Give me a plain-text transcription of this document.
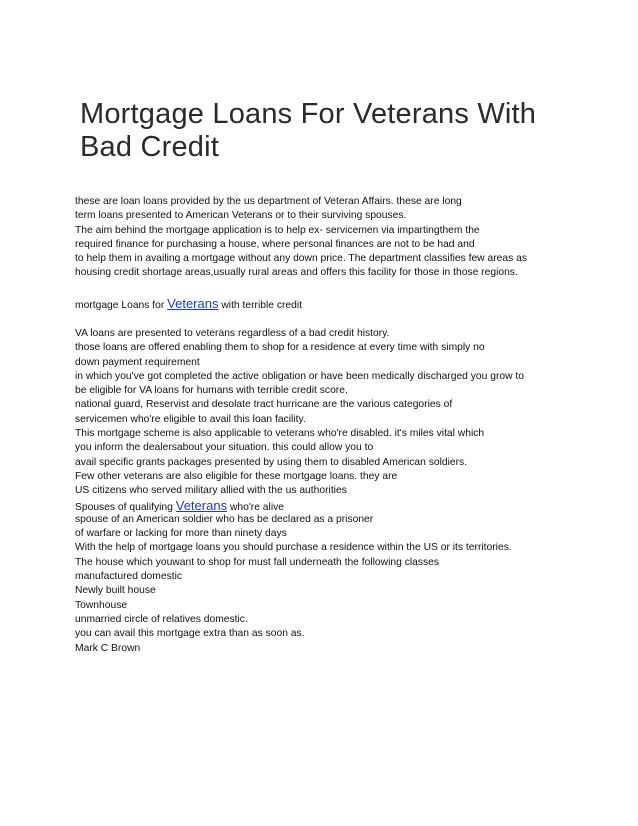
Mortgage Loans For Veterans With
Bad Credit
these are loan loans provided by the us department of Veteran Affairs. these are long
term loans presented to American Veterans or to their surviving spouses.
The aim behind the mortgage application is to help ex- servicemen via impartingthem the
required finance for purchasing a house, where personal finances are not to be had and
to help them in availing a mortgage without any down price. The department classifies few areas as
housing credit shortage areas,usually rural areas and offers this facility for those in those regions.
mortgage Loans for Veterans with terrible credit
VA loans are presented to veterans regardless of a bad credit history.
those loans are offered enabling them to shop for a residence at every time with simply no
down payment requirement
in which you've got completed the active obligation or have been medically discharged you grow to
be eligible for VA loans for humans with terrible credit score.
national guard, Reservist and desolate tract hurricane are the various categories of
servicemen who're eligible to avail this loan facility.
This mortgage scheme is also applicable to veterans who're disabled. it's miles vital which
you inform the dealersabout your situation. this could allow you to
avail specific grants packages presented by using them to disabled American soldiers.
Few other veterans are also eligible for these mortgage loans. they are
US citizens who served military allied with the us authorities
Spouses of qualifying Veterans who're alive
spouse of an American soldier who has be declared as a prisoner
of warfare or lacking for more than ninety days
With the help of mortgage loans you should purchase a residence within the US or its territories.
The house which youwant to shop for must fall underneath the following classes
manufactured domestic
Newly built house
Townhouse
unmarried circle of relatives domestic.
you can avail this mortgage extra than as soon as.
Mark C Brown
